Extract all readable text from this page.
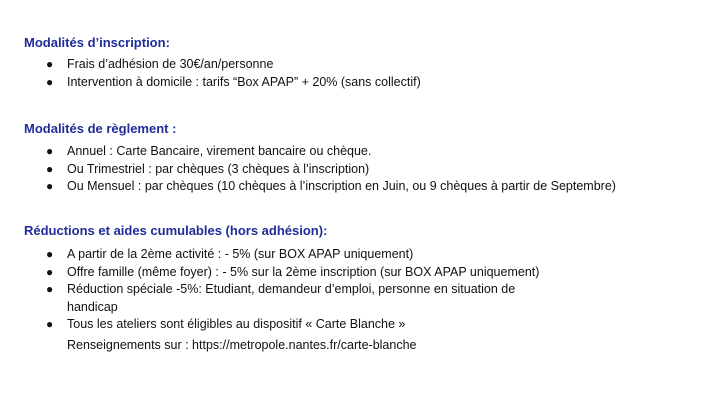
Modalités d’inscription:
● Frais d’adhésion de 30€/an/personne
● Intervention à domicile : tarifs “Box APAP” + 20% (sans collectif)
Modalités de règlement :
● Annuel : Carte Bancaire, virement bancaire ou chèque.
● Ou Trimestriel : par chèques (3 chèques à l’inscription)
● Ou Mensuel : par chèques (10 chèques à l’inscription en Juin, ou 9 chèques à partir de Septembre)
Réductions et aides cumulables (hors adhésion):
● A partir de la 2ème activité : - 5% (sur BOX APAP uniquement)
● Offre famille (même foyer) : - 5% sur la 2ème inscription (sur BOX APAP uniquement)
● Réduction spéciale -5%: Etudiant, demandeur d’emploi, personne en situation de handicap
● Tous les ateliers sont éligibles au dispositif « Carte Blanche »
Renseignements sur : https://metropole.nantes.fr/carte-blanche
